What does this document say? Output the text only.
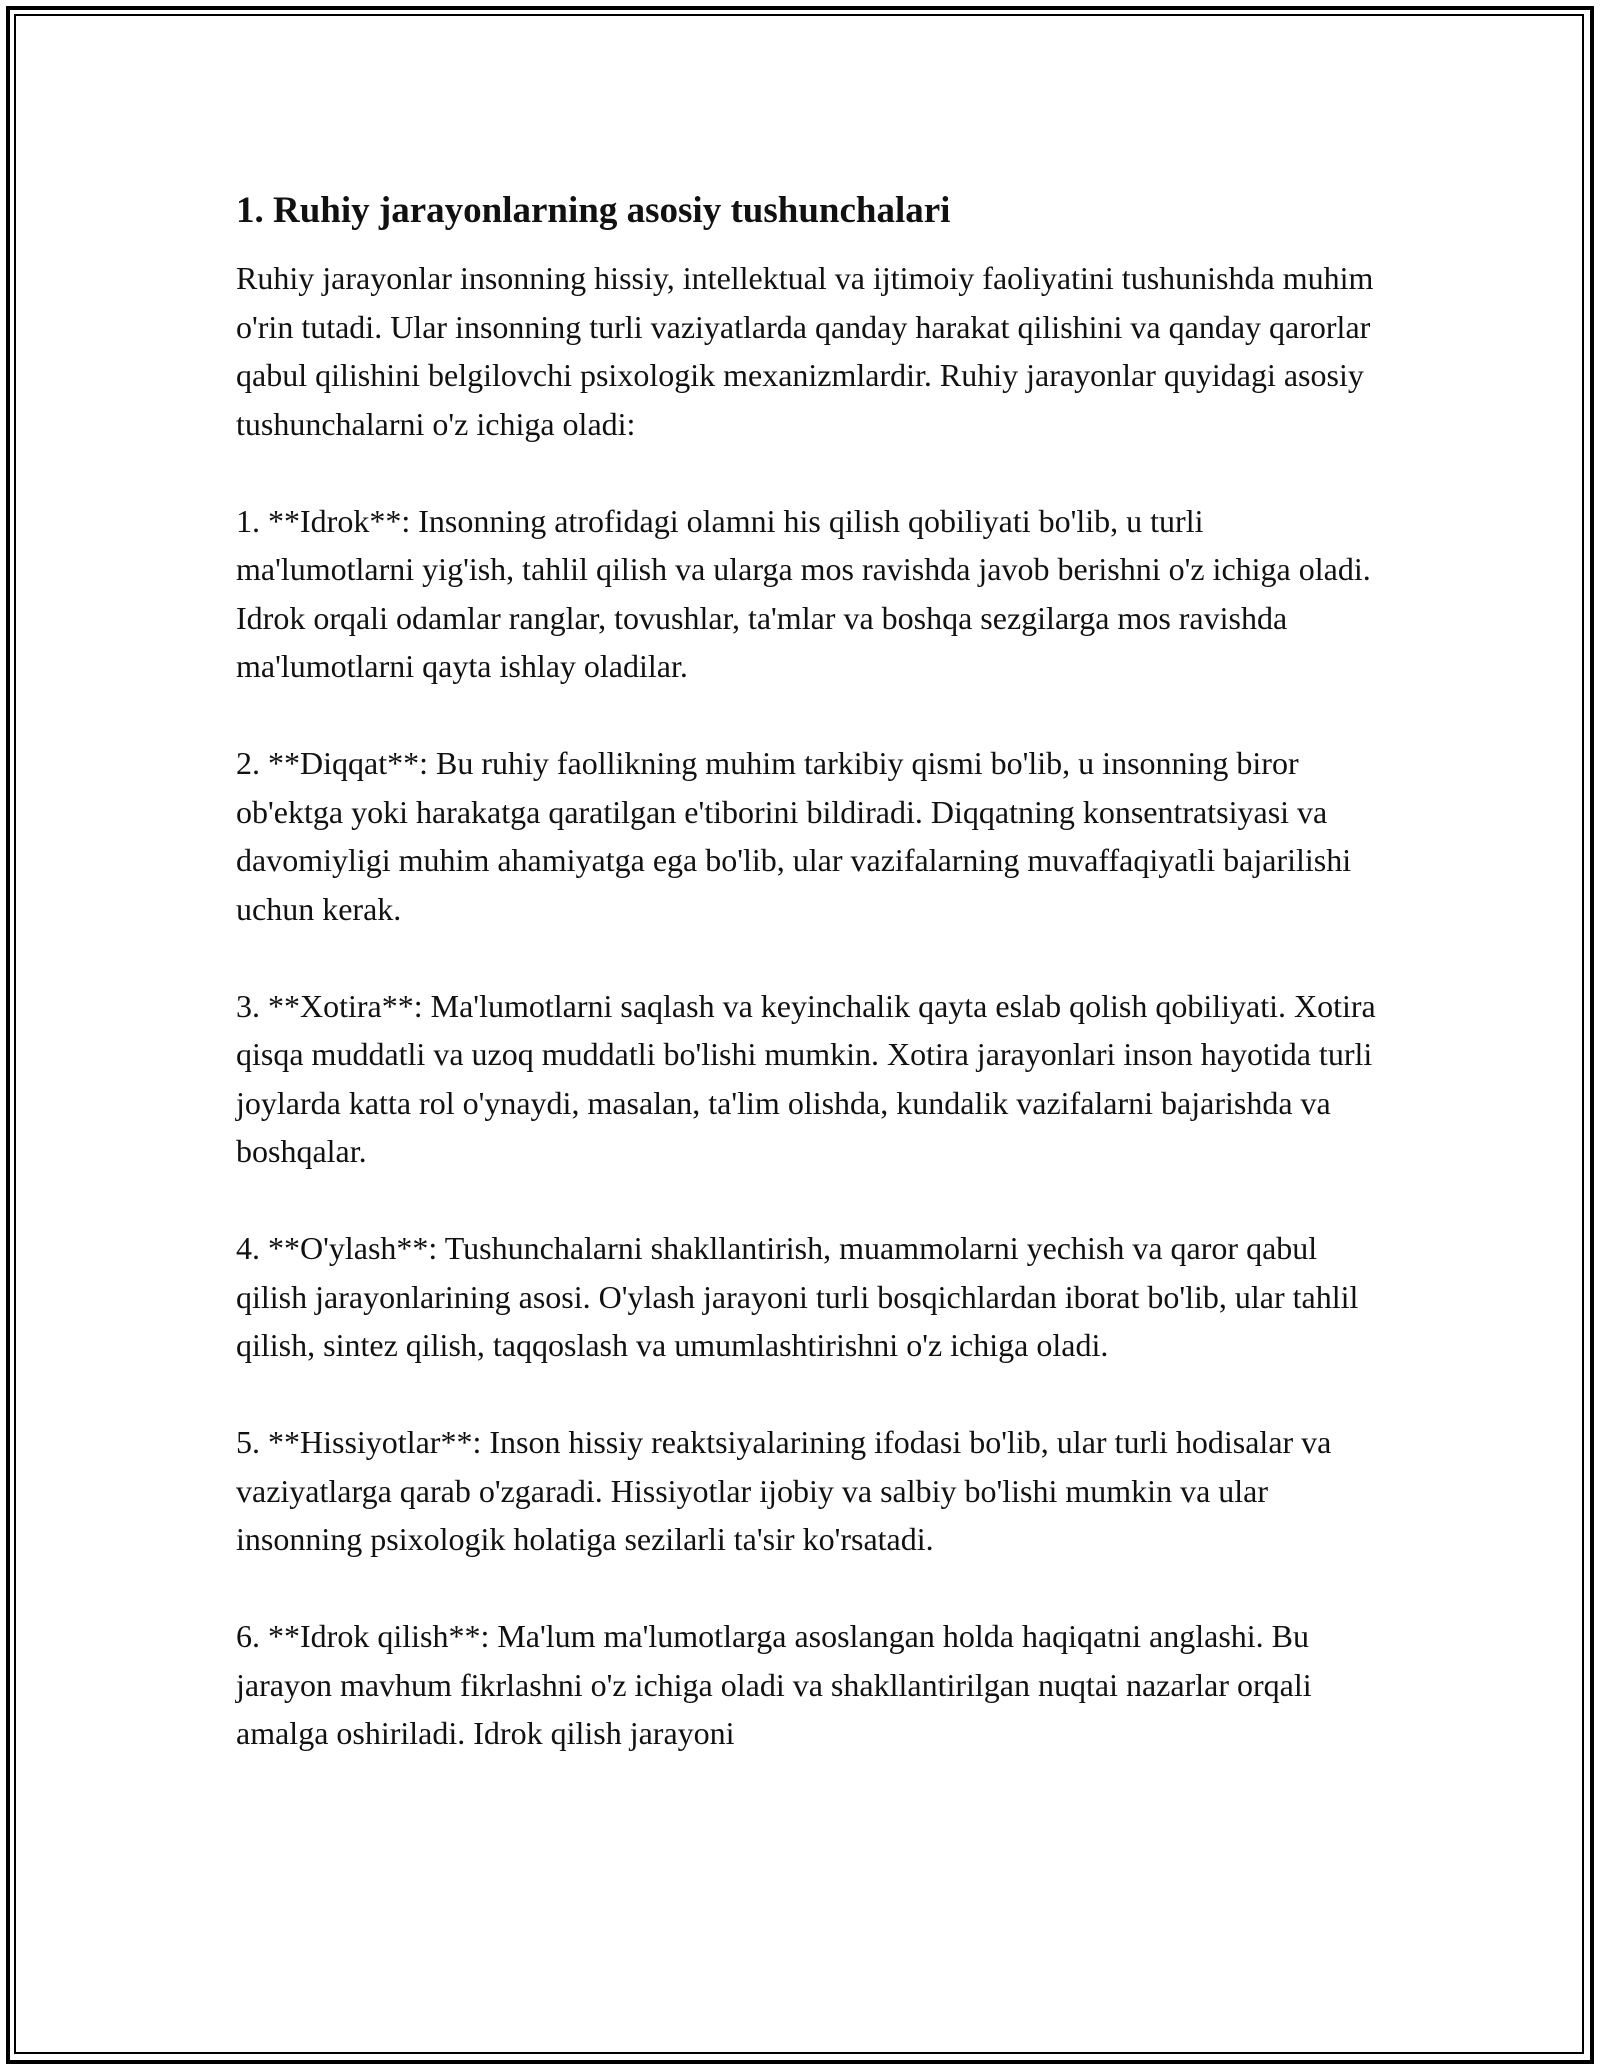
1. Ruhiy jarayonlarning asosiy tushunchalari

Ruhiy jarayonlar insonning hissiy, intellektual va ijtimoiy faoliyatini tushunishda muhim o'rin tutadi. Ular insonning turli vaziyatlarda qanday harakat qilishini va qanday qarorlar qabul qilishini belgilovchi psixologik mexanizmlardir. Ruhiy jarayonlar quyidagi asosiy tushunchalarni o'z ichiga oladi:

1. **Idrok**: Insonning atrofidagi olamni his qilish qobiliyati bo'lib, u turli ma'lumotlarni yig'ish, tahlil qilish va ularga mos ravishda javob berishni o'z ichiga oladi. Idrok orqali odamlar ranglar, tovushlar, ta'mlar va boshqa sezgilarga mos ravishda ma'lumotlarni qayta ishlay oladilar.

2. **Diqqat**: Bu ruhiy faollikning muhim tarkibiy qismi bo'lib, u insonning biror ob'ektga yoki harakatga qaratilgan e'tiborini bildiradi. Diqqatning konsentratsiyasi va davomiyligi muhim ahamiyatga ega bo'lib, ular vazifalarning muvaffaqiyatli bajarilishi uchun kerak.

3. **Xotira**: Ma'lumotlarni saqlash va keyinchalik qayta eslab qolish qobiliyati. Xotira qisqa muddatli va uzoq muddatli bo'lishi mumkin. Xotira jarayonlari inson hayotida turli joylarda katta rol o'ynaydi, masalan, ta'lim olishda, kundalik vazifalarni bajarishda va boshqalar.

4. **O'ylash**: Tushunchalarni shakllantirish, muammolarni yechish va qaror qabul qilish jarayonlarining asosi. O'ylash jarayoni turli bosqichlardan iborat bo'lib, ular tahlil qilish, sintez qilish, taqqoslash va umumlashtirishni o'z ichiga oladi.

5. **Hissiyotlar**: Inson hissiy reaktsiyalarining ifodasi bo'lib, ular turli hodisalar va vaziyatlarga qarab o'zgaradi. Hissiyotlar ijobiy va salbiy bo'lishi mumkin va ular insonning psixologik holatiga sezilarli ta'sir ko'rsatadi.

6. **Idrok qilish**: Ma'lum ma'lumotlarga asoslangan holda haqiqatni anglashi. Bu jarayon mavhum fikrlashni o'z ichiga oladi va shakllantirilgan nuqtai nazarlar orqali amalga oshiriladi. Idrok qilish jarayoni
